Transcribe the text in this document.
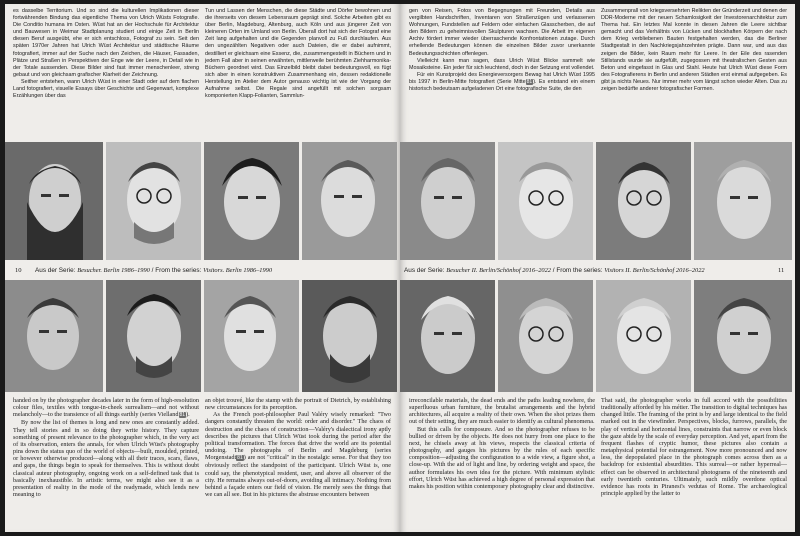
es dasselbe Territorium. Und so sind die kulturellen Implikationen dieser fortwährenden Bindung das eigentliche Thema von Ulrich Wüsts Fotografie. Die Conditio humana im Osten. Wüst hat an der Hochschule für Architektur und Bauwesen in Weimar Stadtplanung studiert und einige Zeit in Berlin diesen Beruf ausgeübt, ehe er sich entschloss, Fotograf zu sein. Seit den späten 1970er Jahren hat Ulrich Wüst Architektur und städtische Räume fotografiert, immer auf der Suche nach den Zeichen, die Häuser, Fassaden, Plätze und Straßen in Perspektiven der Enge wie der Leere, in Detail wie in der Totale aussenden. Diese Bilder sind fast immer menschenleer, streng gebaut und von gleichsam grafischer Klarheit der Zeichnung.

Seither entstehen, wann Ulrich Wüst in einer Stadt oder auf dem flachen Land fotografiert, visuelle Essays über Geschichte und Gegenwart, komplexe Erzählungen über das

Tun und Lassen der Menschen, die diese Städte und Dörfer bewohnen und die ihrerseits von diesem Lebensraum geprägt sind. Solche Arbeiten gibt es über Berlin, Magdeburg, Altenburg, auch Köln und aus jüngerer Zeit von kleineren Orten im Umland von Berlin. Überall dort hat sich der Fotograf eine Zeit lang aufgehalten und die Gegenden planvoll zu Fuß durchlaufen. Aus den ungezählten Negativen oder auch Dateien, die er dabei aufnimmt, destilliert er gleichsam eine Essenz, die, zusammengestellt in Büchern und in jedem Fall aber in seinen erwähnten, mittlerweile berühmten Ziehharmonika-Büchern geordnet wird. Das Einzelbild bleibt dabei bedeutungsvoll, es fügt sich aber in einen konstruktiven Zusammenhang ein, dessen redaktionelle Herstellung im Atelier dem Autor genauso wichtig ist wie der Vorgang der Aufnahme selbst. Die Regale sind angefüllt mit solchen sorgsam komponierten Klapp-Folianten, Sammlun-

Aus der Serie: Besucher. Berlin 1986–1990 / From the series: Visitors. Berlin 1986–1990
10

handed on by the photographer decades later in the form of high-resolution colour files, textiles with tongue-in-cheek surrealism—and not without melancholy—to the transience of all things earthly (series Vielland81).

By now the list of themes is long and new ones are constantly added. They tell stories and in so doing they write history. They capture something of present relevance to the photographer which, in the very act of its observation, enters the annals, for when Ulrich Wüst's photography pins down the status quo of the world of objects—built, moulded, printed, or however otherwise produced—along with all their traces, scars, flaws, and gaps, the things begin to speak for themselves. This is without doubt classical auteur photography, ongoing work on a self-defined task that is basically inexhaustible. In artistic terms, we might also see it as a presentation of reality in the mode of the readymade, which lends new meaning to

an objet trouvé, like the stamp with the portrait of Dietrich, by establishing new circumstances for its perception.

As the French poet-philosopher Paul Valéry wisely remarked: "Two dangers constantly threaten the world: order and disorder." The chaos of destruction and the chaos of construction—Valéry's dialectical irony aptly describes the pictures that Ulrich Wüst took during the period after the political transformation. The forces that drive the world are its potential undoing. The photographs of Berlin and Magdeburg (series Morgenstadt81) are not "critical" in the nostalgic sense. For that they too obviously reflect the standpoint of the participant. Ulrich Wüst is, one could say, the phenotypical resident, user, and above all observer of the city. He remains always out-of-doors, avoiding all intimacy. Nothing from behind a façade enters our field of vision. He merely sees the things that we can all see. But in his pictures the abstruse encounters between

gen von Reisen, Fotos von Begegnungen mit Freunden, Details aus vergilbten Handschriften, Inventaren von Straßenzügen und verlassenen Wohnungen, Fundstellen auf Feldern oder einfachen Glasscherben, die auf den Bildern zu geheimnisvollen Skulpturen wachsen. Die Arbeit im eigenen Archiv fördert immer wieder überraschende Konfrontationen zutage. Durch erhellende Bedeutungen können die einzelnen Bilder zuvor unerkannte Bedeutungsschichten offenlegen.

Vielleicht kann man sagen, dass Ulrich Wüst Blicke sammelt wie Mosaiksteine. Ein jeder für sich leuchtend, doch in der Setzung erst vollendet.

Für ein Kunstprojekt des Energieversorgers Bewag hat Ulrich Wüst 1995 bis 1997 in Berlin-Mitte fotografiert (Serie Mitte81). Es entstand ein einem historisch bedeutsam aufgeladenen Ort eine fotografische Suite, die den

Zusammenprall von kriegsversehrten Relikten der Gründerzeit und denen der DDR-Moderne mit der neuen Schamlosigkeit der Investorenarchitektur zum Thema hat. Ein letztes Mal konnte in diesen Jahren die Leere sichtbar gemacht und das Verhältnis von Lücken und blockhaften Körpern der nach dem Krieg verbliebenen Bauten festgehalten werden, das die Berliner Stadtgestalt in den Nachkriegsjahrzehnten prägte. Dann war, und aus das zeigen die Bilder, kein Raum mehr für Leere. In der Eile des rasenden Stillstands wurde sie aufgefüllt, zugegossen mit theatralischen Gesten aus Beton und eingefasst in Glas und Stahl. Heute hat Ulrich Wüst diese Form des Fotografierens in Berlin und anderen Städten erst einmal aufgegeben. Es gibt ja nichts Neues. Nur immer mehr vom längst schon wieder Alten. Das zu zeigen bedürfte anderer fotografischer Formen.

Aus der Serie: Besucher II. Berlin/Schönhof 2016–2022 / From the series: Visitors II. Berlin/Schönhof 2016–2022	11

irreconcilable materials, the dead ends and the paths leading nowhere, the superfluous urban furniture, the brutalist arrangements and the hybrid architectures, all acquire a reality of their own. When the shot prizes them out of their setting, they are much easier to identify as cultural phenomena.

But this calls for composure. And so the photographer refuses to be bullied or driven by the objects. He does not hurry from one place to the next, he chisels away at his views, respects the classical criteria of photography, and gauges his pictures by the rules of each specific composition—adjusting the configuration to a wide view, a figure shot, a close-up. With the aid of light and line, by ordering weight and space, the author formulates his own idea for the picture. With minimum stylistic effort, Ulrich Wüst has achieved a high degree of personal expression that makes his position within contemporary photography clear and distinctive.

That said, the photographer works in full accord with the possibilities traditionally afforded by his métier. The transition to digital techniques has changed little. The framing of the print is by and large identical to the field marked out in the viewfinder. Perspectives, blocks, furrows, parallels, the play of vertical and horizontal lines, constraints that narrow or even block the gaze abide by the scale of everyday perception. And yet, apart from the frequent flashes of cryptic humor, these pictures also contain a metaphysical potential for estrangement. Now more pronounced and now less, the depopulated place in the photograph comes across then as a backdrop for existential absurdities. This surreal—or rather hyperreal—effect can be observed in architectural photograms of the nineteenth and early twentieth centuries. Ultimately, such mildly overdone optical evidence has roots in Piranesi's vedutas of Rome. The archaeological principle applied by the latter to
